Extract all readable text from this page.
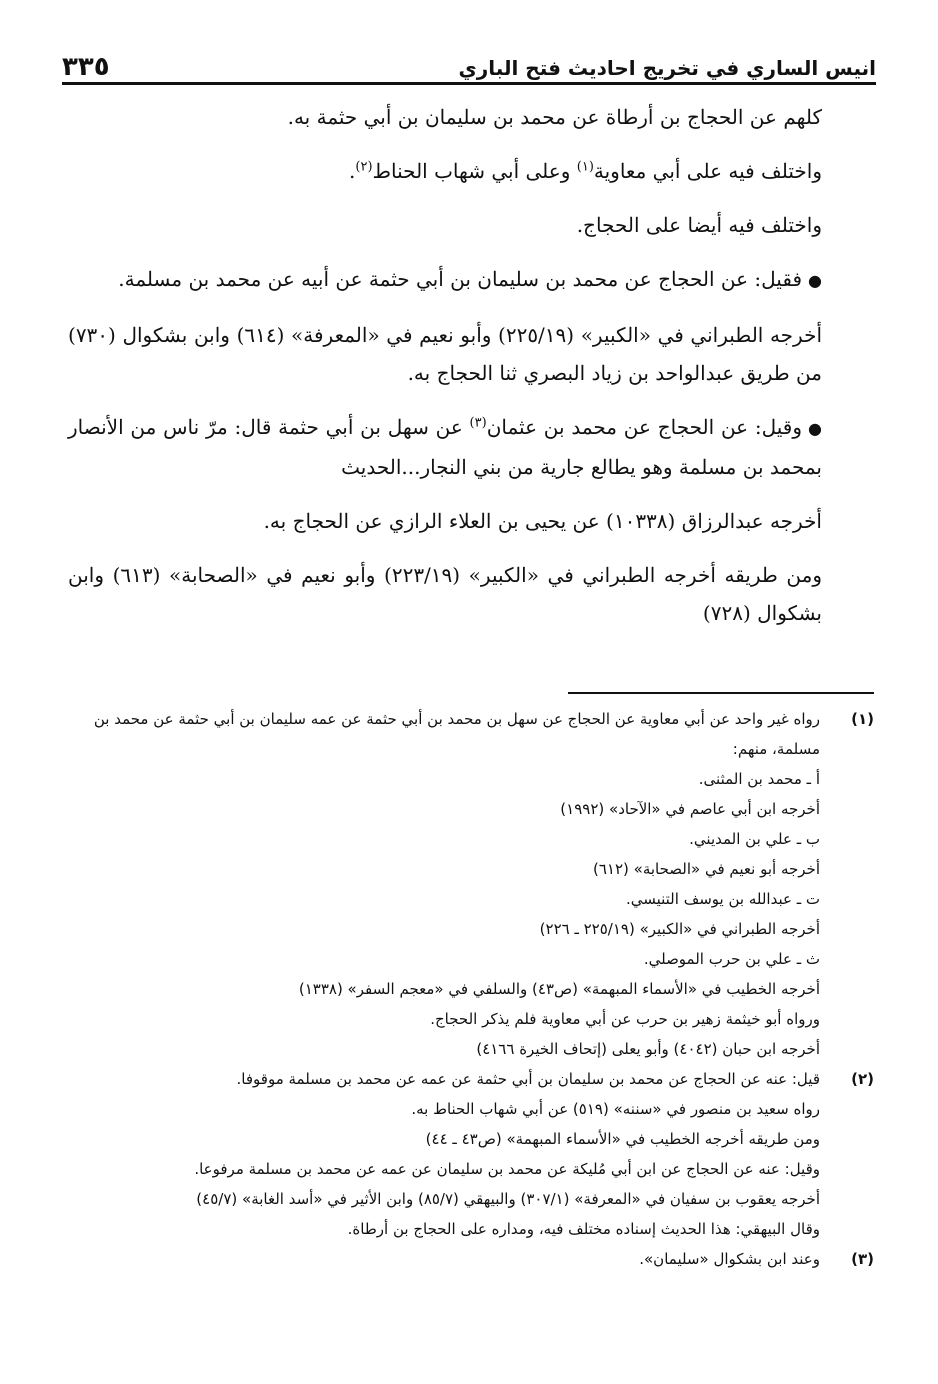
انيس الساري في تخريج احاديث فتح الباري
٣٣٥

كلهم عن الحجاج بن أرطاة عن محمد بن سليمان بن أبي حثمة به.

واختلف فيه على أبي معاوية$^{(١)}$ وعلى أبي شهاب الحناط$^{(٢)}$.

واختلف فيه أيضا على الحجاج.

●فقيل: عن الحجاج عن محمد بن سليمان بن أبي حثمة عن أبيه عن محمد بن مسلمة.

أخرجه الطبراني في «الكبير» (٢٢٥/١٩) وأبو نعيم في «المعرفة» (٦١٤) وابن بشكوال (٧٣٠) من طريق عبدالواحد بن زياد البصري ثنا الحجاج به.

●وقيل: عن الحجاج عن محمد بن عثمان$^{(٣)}$ عن سهل بن أبي حثمة قال: مرّ ناس من الأنصار بمحمد بن مسلمة وهو يطالع جارية من بني النجار...الحديث

أخرجه عبدالرزاق (١٠٣٣٨) عن يحيى بن العلاء الرازي عن الحجاج به.

ومن طريقه أخرجه الطبراني في «الكبير» (٢٢٣/١٩) وأبو نعيم في «الصحابة» (٦١٣) وابن بشكوال (٧٢٨)

(١)
رواه غير واحد عن أبي معاوية عن الحجاج عن سهل بن محمد بن أبي حثمة عن عمه سليمان بن أبي حثمة عن محمد بن مسلمة، منهم:
أ ـ محمد بن المثنى.
أخرجه ابن أبي عاصم في «الآحاد» (١٩٩٢)
ب ـ علي بن المديني.
أخرجه أبو نعيم في «الصحابة» (٦١٢)
ت ـ عبدالله بن يوسف التنيسي.
أخرجه الطبراني في «الكبير» (٢٢٥/١٩ ـ ٢٢٦)
ث ـ علي بن حرب الموصلي.
أخرجه الخطيب في «الأسماء المبهمة» (ص٤٣) والسلفي في «معجم السفر» (١٣٣٨)
ورواه أبو خيثمة زهير بن حرب عن أبي معاوية فلم يذكر الحجاج.
أخرجه ابن حبان (٤٠٤٢) وأبو يعلى (إتحاف الخيرة ٤١٦٦)
(٢)
قيل: عنه عن الحجاج عن محمد بن سليمان بن أبي حثمة عن عمه عن محمد بن مسلمة موقوفا.
رواه سعيد بن منصور في «سننه» (٥١٩) عن أبي شهاب الحناط به.
ومن طريقه أخرجه الخطيب في «الأسماء المبهمة» (ص٤٣ ـ ٤٤)
وقيل: عنه عن الحجاج عن ابن أبي مُليكة عن محمد بن سليمان عن عمه عن محمد بن مسلمة مرفوعا.
أخرجه يعقوب بن سفيان في «المعرفة» (٣٠٧/١) والبيهقي (٨٥/٧) وابن الأثير في «أسد الغابة» (٤٥/٧)
وقال البيهقي: هذا الحديث إسناده مختلف فيه، ومداره على الحجاج بن أرطاة.
(٣)
وعند ابن بشكوال «سليمان».
